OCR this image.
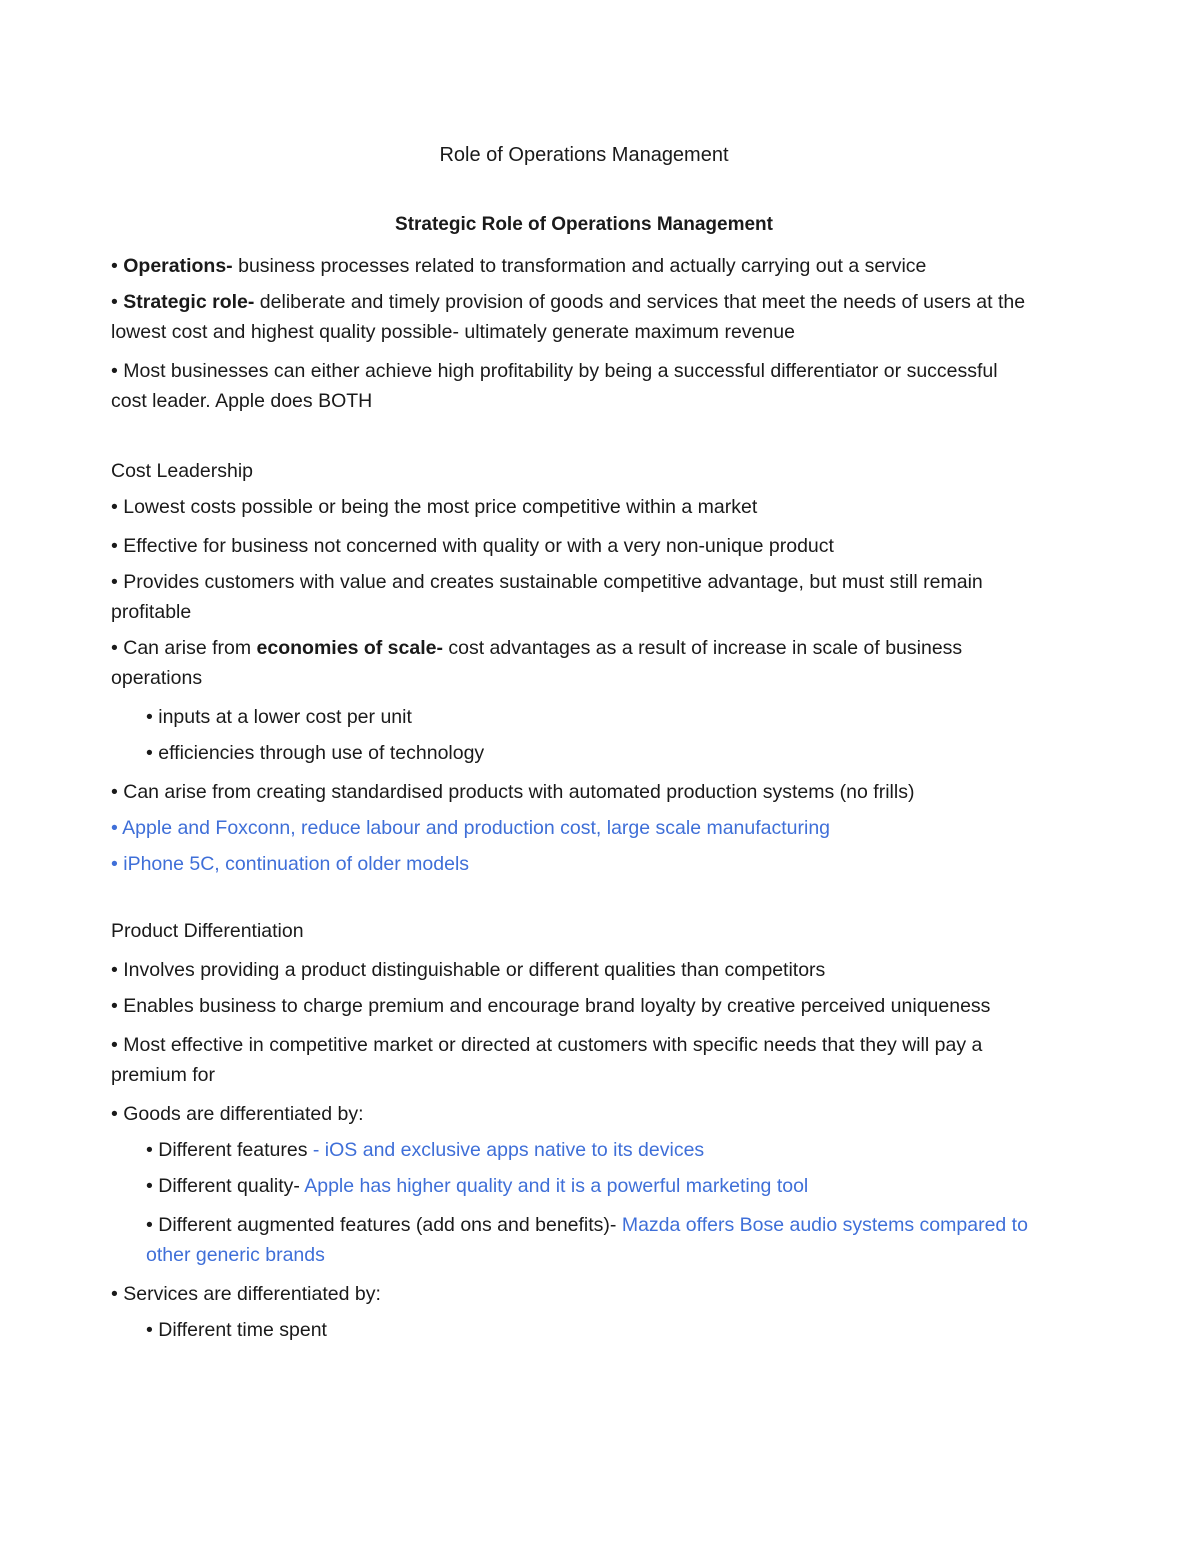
Role of Operations Management
Strategic Role of Operations Management

• Operations- business processes related to transformation and actually carrying out a service

• Strategic role- deliberate and timely provision of goods and services that meet the needs of users at the lowest cost and highest quality possible- ultimately generate maximum revenue

• Most businesses can either achieve high profitability by being a successful differentiator or successful cost leader. Apple does BOTH

Cost Leadership

• Lowest costs possible or being the most price competitive within a market

• Effective for business not concerned with quality or with a very non-unique product

• Provides customers with value and creates sustainable competitive advantage, but must still remain profitable

• Can arise from economies of scale- cost advantages as a result of increase in scale of business operations

• inputs at a lower cost per unit

• efficiencies through use of technology

• Can arise from creating standardised products with automated production systems (no frills)

• Apple and Foxconn, reduce labour and production cost, large scale manufacturing

• iPhone 5C, continuation of older models

Product Differentiation

• Involves providing a product distinguishable or different qualities than competitors

• Enables business to charge premium and encourage brand loyalty by creative perceived uniqueness

• Most effective in competitive market or directed at customers with specific needs that they will pay a premium for

• Goods are differentiated by:

• Different features - iOS and exclusive apps native to its devices

• Different quality- Apple has higher quality and it is a powerful marketing tool

• Different augmented features (add ons and benefits)- Mazda offers Bose audio systems compared to other generic brands

• Services are differentiated by:

• Different time spent
